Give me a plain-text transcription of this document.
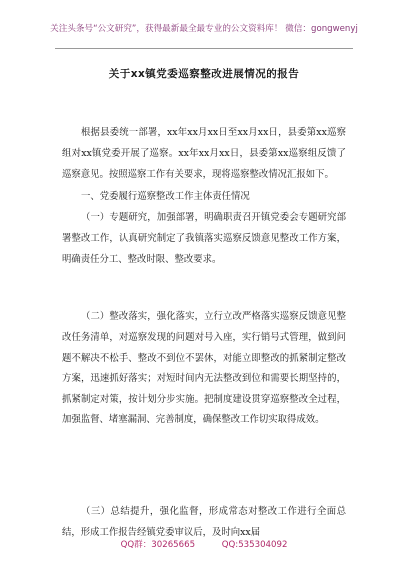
关注头条号“公文研究”，获得最新最全最专业的公文资料库！ 微信：gongwenyj
关于xx镇党委巡察整改进展情况的报告

根据县委统一部署，xx年xx月xx日至xx月xx日，县委第xx巡察组对xx镇党委开展了巡察。xx年xx月xx日，县委第xx巡察组反馈了巡察意见。按照巡察工作有关要求，现将巡察整改情况汇报如下。

一、党委履行巡察整改工作主体责任情况

（一）专题研究，加强部署，明确职责召开镇党委会专题研究部署整改工作，认真研究制定了我镇落实巡察反馈意见整改工作方案，明确责任分工、整改时限、整改要求。

（二）整改落实，强化落实，立行立改严格落实巡察反馈意见整改任务清单，对巡察发现的问题对号入座，实行销号式管理，做到问题不解决不松手、整改不到位不罢休，对能立即整改的抓紧制定整改方案，迅速抓好落实；对短时间内无法整改到位和需要长期坚持的，抓紧制定对策，按计划分步实施。把制度建设贯穿巡察整改全过程，加强监督、堵塞漏洞、完善制度，确保整改工作切实取得成效。

（三）总结提升，强化监督，形成常态对整改工作进行全面总结，形成工作报告经镇党委审议后，及时向xx届

QQ群：30265665	QQ:535304092
